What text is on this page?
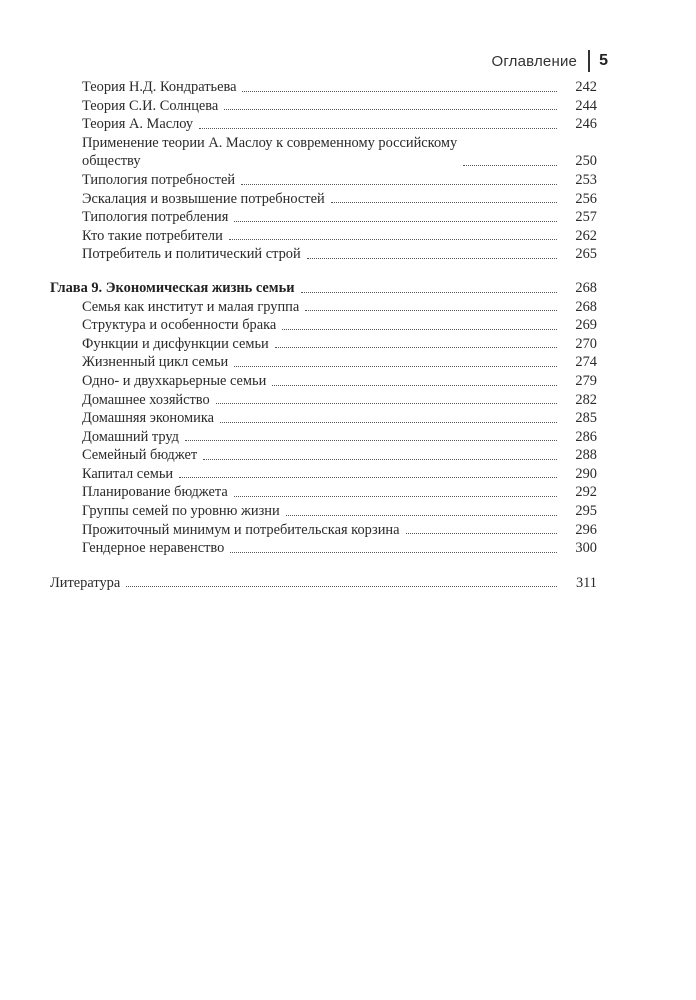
Оглавление 5
Теория Н.Д. Кондратьева	242
Теория С.И. Солнцева	244
Теория А. Маслоу	246
Применение теории А. Маслоу к современному российскому
обществу	250
Типология потребностей	253
Эскалация и возвышение потребностей	256
Типология потребления	257
Кто такие потребители	262
Потребитель и политический строй	265
Глава 9. Экономическая жизнь семьи	268
Семья как институт и малая группа	268
Структура и особенности брака	269
Функции и дисфункции семьи	270
Жизненный цикл семьи	274
Одно- и двухкарьерные семьи	279
Домашнее хозяйство	282
Домашняя экономика	285
Домашний труд	286
Семейный бюджет	288
Капитал семьи	290
Планирование бюджета	292
Группы семей по уровню жизни	295
Прожиточный минимум и потребительская корзина	296
Гендерное неравенство	300
Литература	311
